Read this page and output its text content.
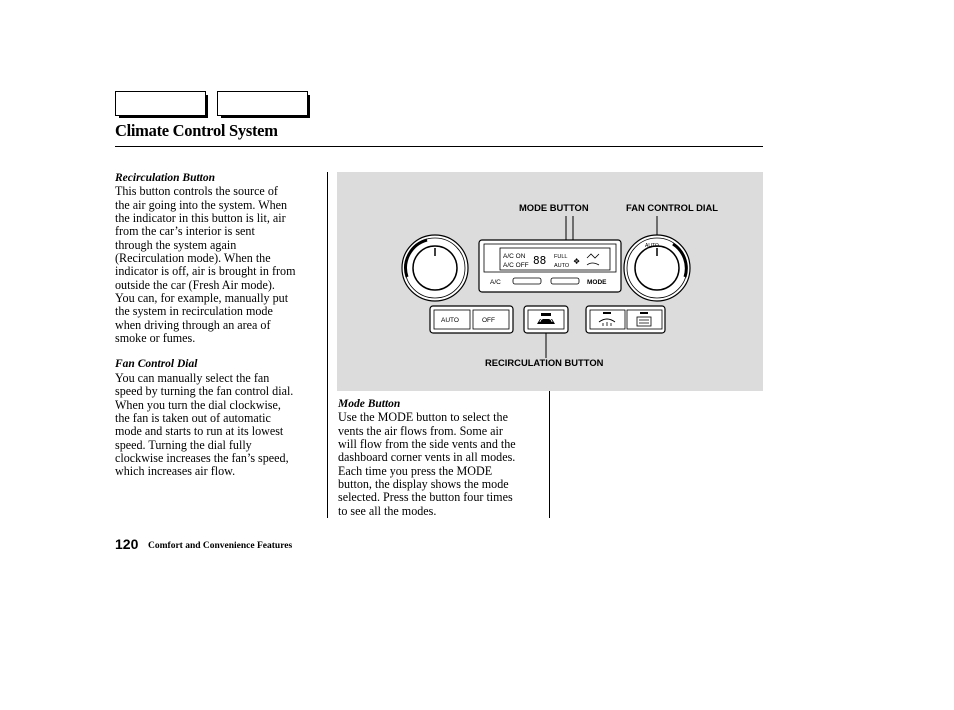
Climate Control System

Recirculation Button

This button controls the source of
the air going into the system. When
the indicator in this button is lit, air
from the car’s interior is sent
through the system again
(Recirculation mode). When the
indicator is off, air is brought in from
outside the car (Fresh Air mode).
You can, for example, manually put
the system in recirculation mode
when driving through an area of
smoke or fumes.

Fan Control Dial

You can manually select the fan
speed by turning the fan control dial.
When you turn the dial clockwise,
the fan is taken out of automatic
mode and starts to run at its lowest
speed. Turning the dial fully
clockwise increases the fan’s speed,
which increases air flow.
A/C ON
A/C OFF 88 FULL
AUTO ❖
A/C	MODE
AUTO
AUTO	OFF
MODE BUTTON	FAN CONTROL DIAL
RECIRCULATION BUTTON

Mode Button

Use the MODE button to select the
vents the air flows from. Some air
will flow from the side vents and the
dashboard corner vents in all modes.
Each time you press the MODE
button, the display shows the mode
selected. Press the button four times
to see all the modes.
120 Comfort and Convenience Features
